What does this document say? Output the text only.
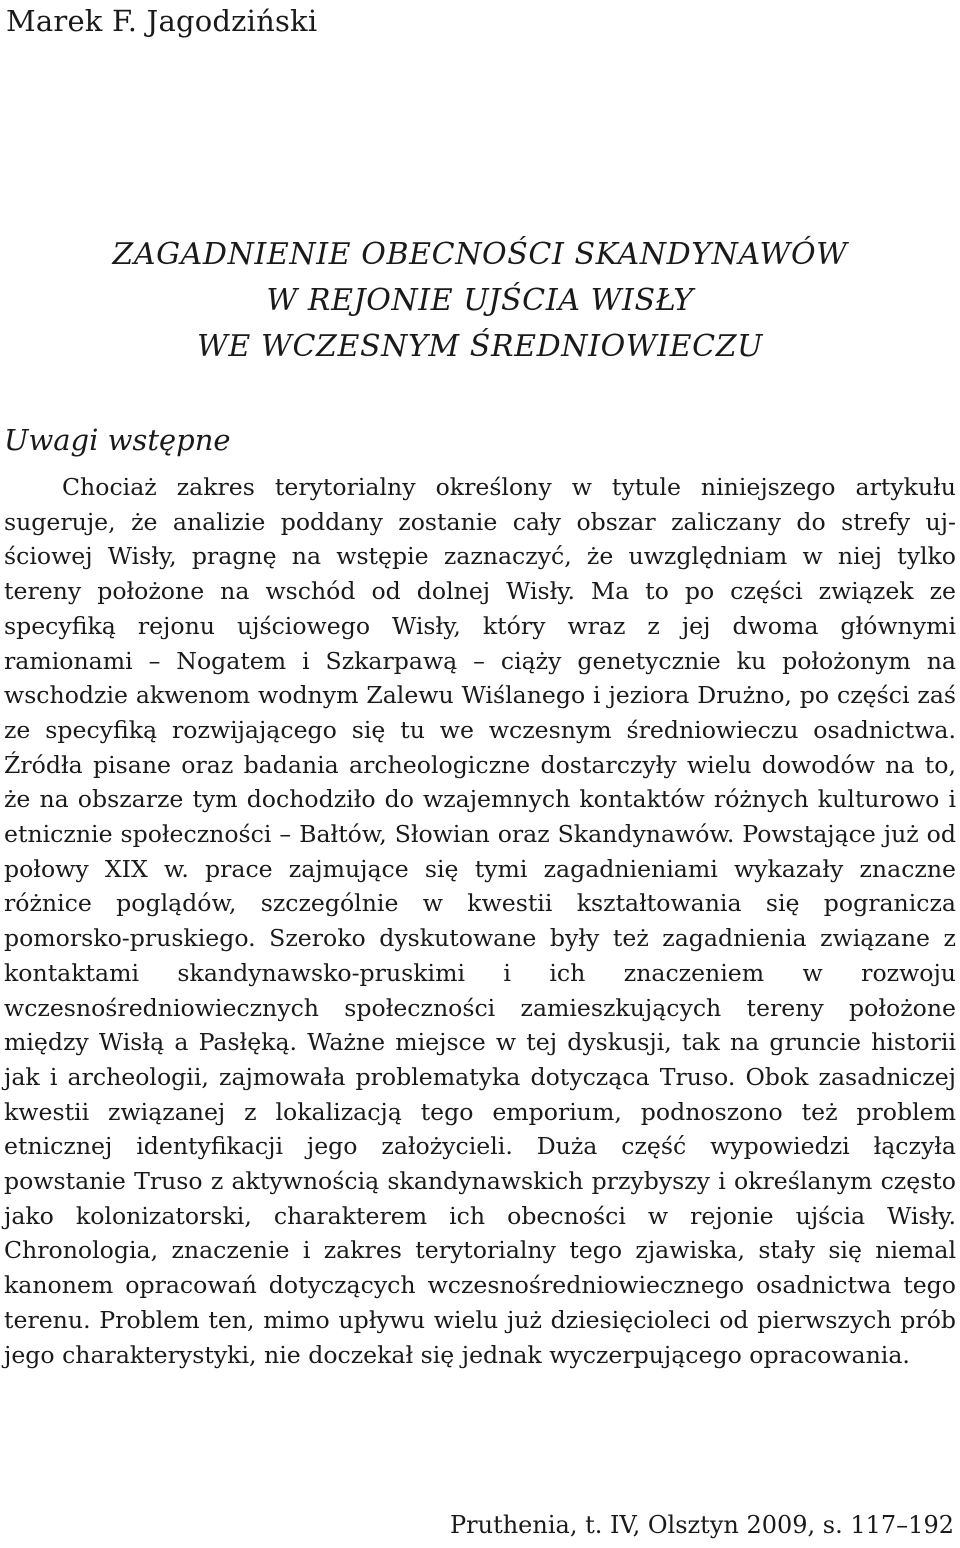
Marek F. Jagodziński
ZAGADNIENIE OBECNOŚCI SKANDYNAWÓW
W REJONIE UJŚCIA WISŁY
WE WCZESNYM ŚREDNIOWIECZU
Uwagi wstępne

Chociaż zakres terytorialny określony w tytule niniejszego artykułu sugeruje, że analizie poddany zostanie cały obszar zaliczany do strefy ujściowej Wisły, pragnę na wstępie zaznaczyć, że uwzględniam w niej tylko tereny położone na wschód od dolnej Wisły. Ma to po części związek ze specyfiką rejonu ujściowego Wisły, który wraz z jej dwoma głównymi ramionami – Nogatem i Szkarpawą – ciąży genetycznie ku położonym na wschodzie akwenom wodnym Zalewu Wiślanego i jeziora Drużno, po części zaś ze specyfiką rozwijającego się tu we wczesnym średniowieczu osadnictwa. Źródła pisane oraz badania archeologiczne dostarczyły wielu dowodów na to, że na obszarze tym dochodziło do wzajemnych kontaktów różnych kulturowo i etnicznie społeczności – Bałtów, Słowian oraz Skandynawów. Powstające już od połowy XIX w. prace zajmujące się tymi zagadnieniami wykazały znaczne różnice poglądów, szczególnie w kwestii kształtowania się pogranicza pomorsko-pruskiego. Szeroko dyskutowane były też zagadnienia związane z kontaktami skandynawsko-pruskimi i ich znaczeniem w rozwoju wczesnośredniowiecznych społeczności zamieszkujących tereny położone między Wisłą a Pasłęką. Ważne miejsce w tej dyskusji, tak na gruncie historii jak i archeologii, zajmowała problematyka dotycząca Truso. Obok zasadniczej kwestii związanej z lokalizacją tego emporium, podnoszono też problem etnicznej identyfikacji jego założycieli. Duża część wypowiedzi łączyła powstanie Truso z aktywnością skandynawskich przybyszy i określanym często jako kolonizatorski, charakterem ich obecności w rejonie ujścia Wisły. Chronologia, znaczenie i zakres terytorialny tego zjawiska, stały się niemal kanonem opracowań dotyczących wczesnośredniowiecznego osadnictwa tego terenu. Problem ten, mimo upływu wielu już dziesięcioleci od pierwszych prób jego charakterystyki, nie doczekał się jednak wyczerpującego opracowania.

Pruthenia, t. IV, Olsztyn 2009, s. 117–192
